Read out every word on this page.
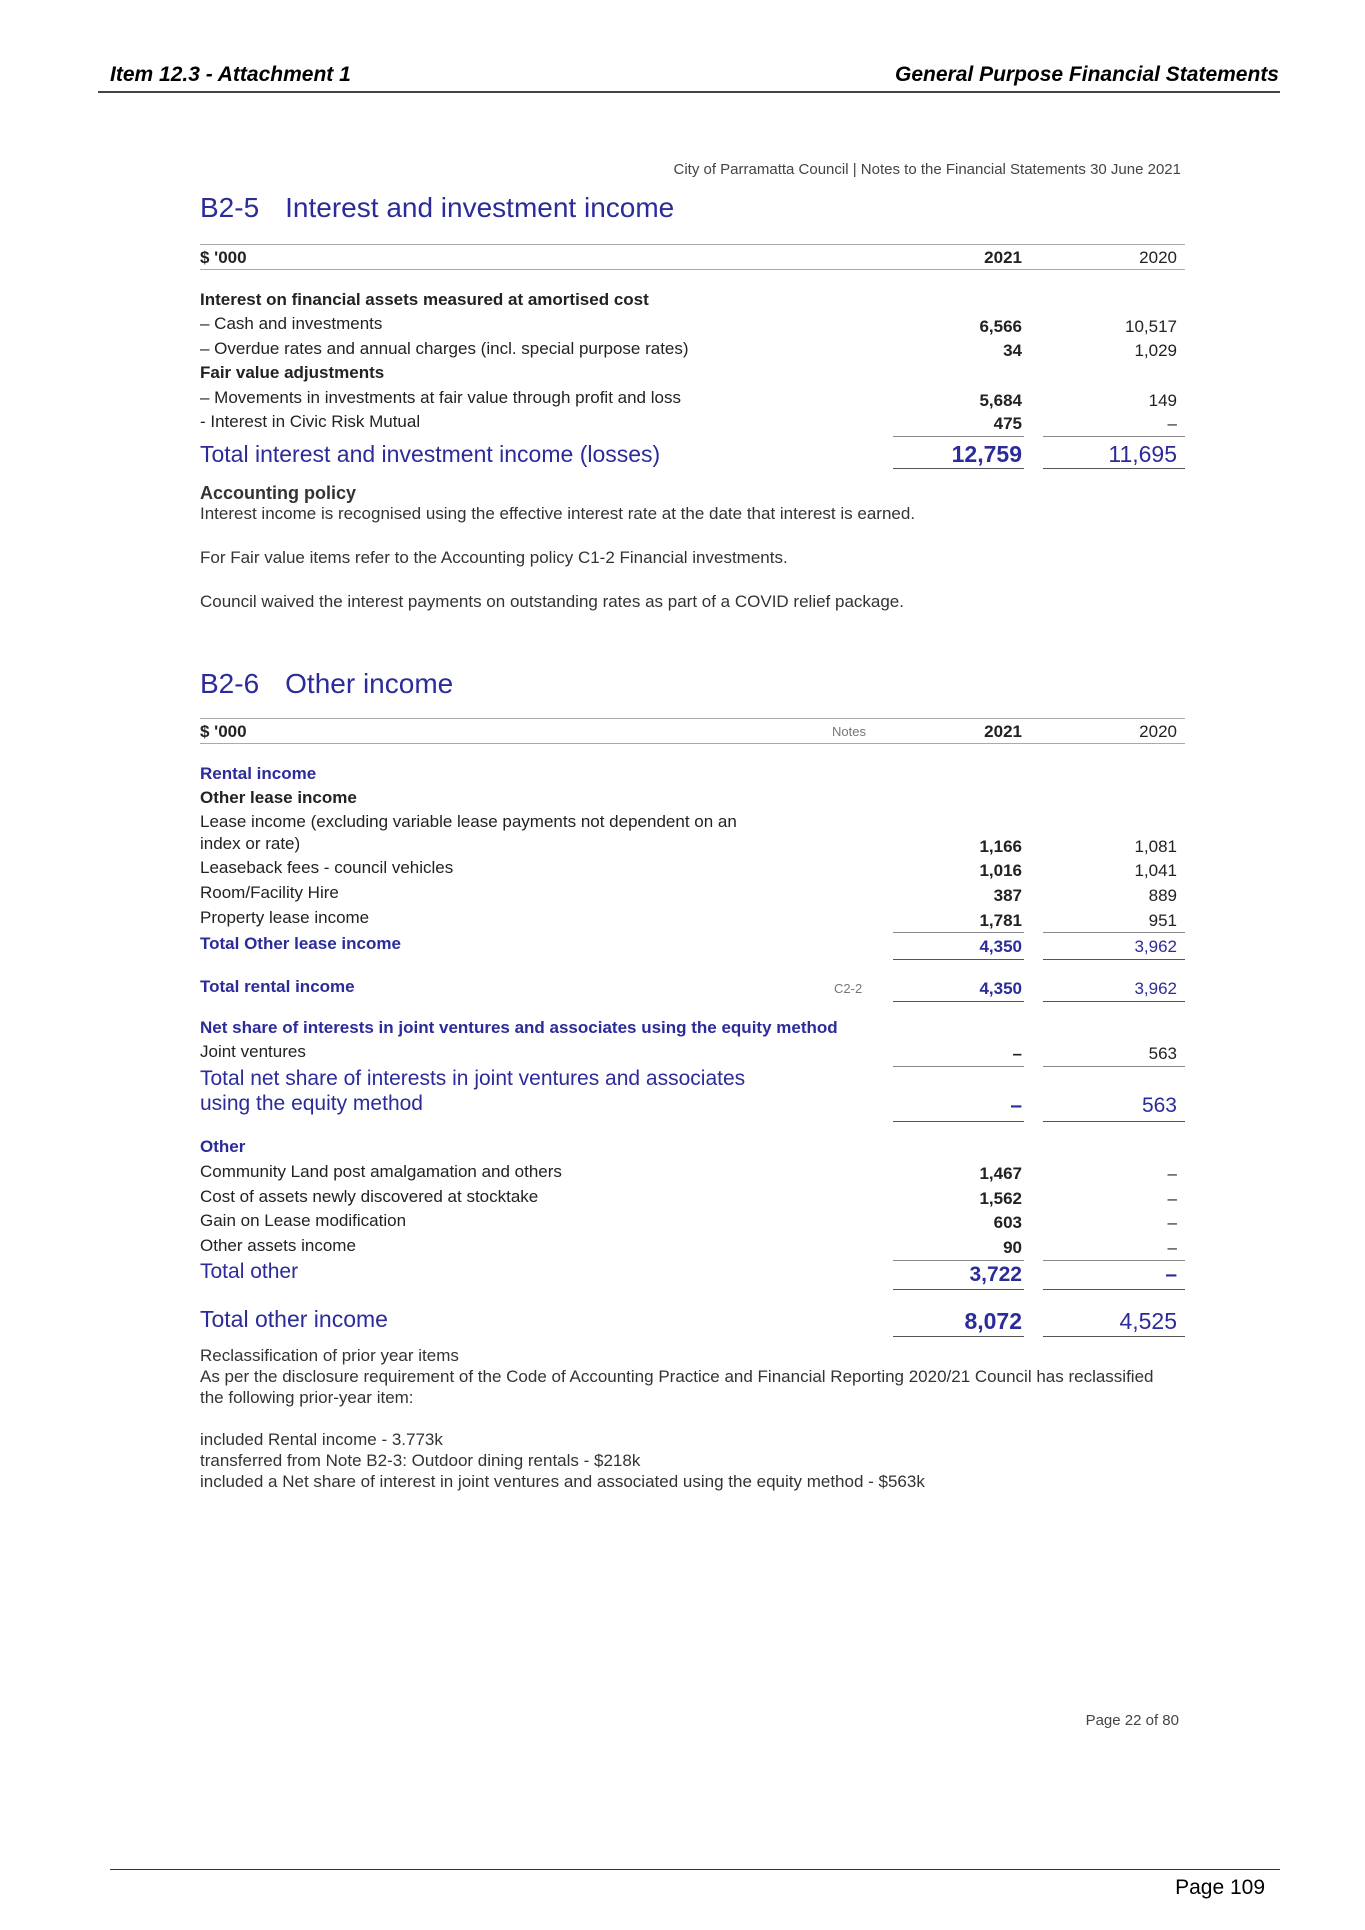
Item 12.3 - Attachment 1	General Purpose Financial Statements
City of Parramatta Council | Notes to the Financial Statements 30 June 2021
B2-5 Interest and investment income
$ '000	2021	2020
Interest on financial assets measured at amortised cost
– Cash and investments	6,566	10,517
– Overdue rates and annual charges (incl. special purpose rates)	34	1,029
Fair value adjustments
– Movements in investments at fair value through profit and loss	5,684	149
- Interest in Civic Risk Mutual	475	–
Total interest and investment income (losses)	12,759	11,695
Accounting policy
Interest income is recognised using the effective interest rate at the date that interest is earned.
For Fair value items refer to the Accounting policy C1-2 Financial investments.
Council waived the interest payments on outstanding rates as part of a COVID relief package.
B2-6 Other income
$ '000	Notes	2021	2020
Rental income
Other lease income
Lease income (excluding variable lease payments not dependent on an
index or rate)	1,166	1,081
Leaseback fees - council vehicles	1,016	1,041
Room/Facility Hire	387	889
Property lease income	1,781	951
Total Other lease income	4,350	3,962
Total rental income	C2-2	4,350	3,962
Net share of interests in joint ventures and associates using the equity method
Joint ventures	–	563
Total net share of interests in joint ventures and associates
using the equity method	–	563
Other
Community Land post amalgamation and others	1,467	–
Cost of assets newly discovered at stocktake	1,562	–
Gain on Lease modification	603	–
Other assets income	90	–
Total other	3,722	–
Total other income	8,072	4,525
Reclassification of prior year items
As per the disclosure requirement of the Code of Accounting Practice and Financial Reporting 2020/21 Council has reclassified
the following prior-year item:
included Rental income - 3.773k
transferred from Note B2-3: Outdoor dining rentals - $218k
included a Net share of interest in joint ventures and associated using the equity method - $563k
Page 22 of 80
Page 109
